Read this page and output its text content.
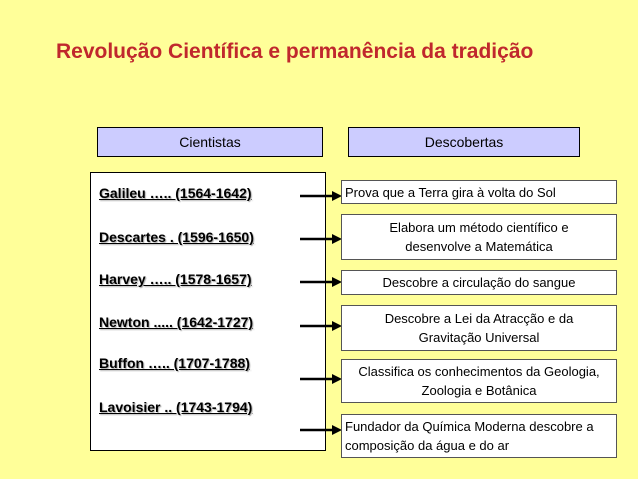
Revolução Científica e permanência da tradição
Cientistas	Descobertas
Galileu ….. (1564-1642)
Descartes . (1596-1650)
Harvey ….. (1578-1657)
Newton ..... (1642-1727)
Buffon ….. (1707-1788)
Lavoisier .. (1743-1794)
Prova que a Terra gira à volta do Sol
Elabora um método científico e desenvolve a Matemática
Descobre a circulação do sangue
Descobre a Lei da Atracção e da Gravitação Universal
Classifica os conhecimentos da Geologia, Zoologia e Botânica
Fundador da Química Moderna descobre a composição da água e do ar
